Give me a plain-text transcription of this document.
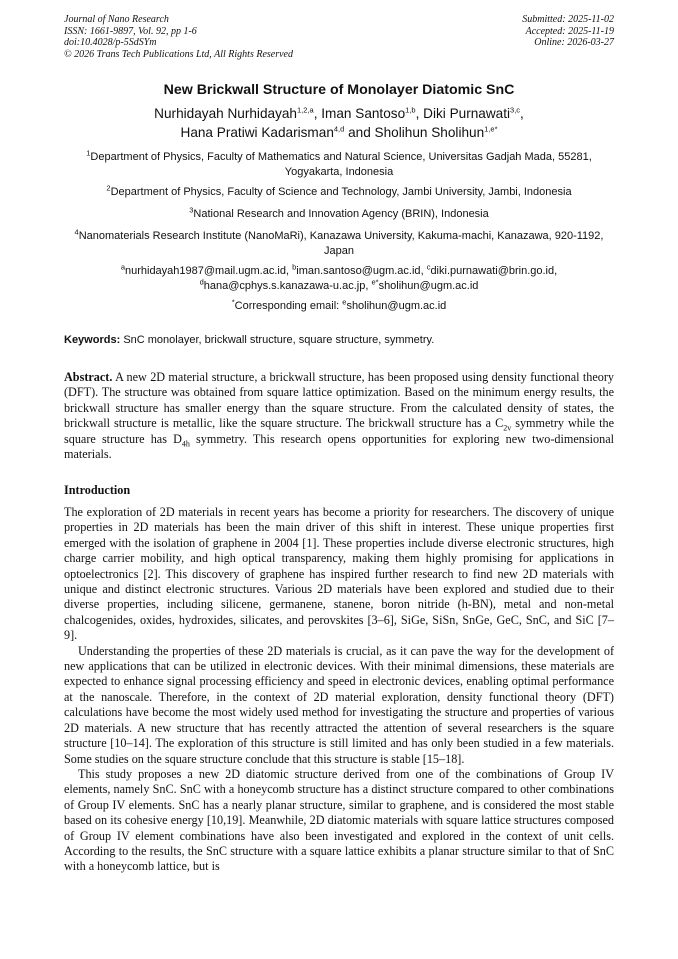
Journal of Nano Research
ISSN: 1661-9897, Vol. 92, pp 1-6
doi:10.4028/p-5SdSYm
© 2026 Trans Tech Publications Ltd, All Rights Reserved
Submitted: 2025-11-02
Accepted: 2025-11-19
Online: 2026-03-27
New Brickwall Structure of Monolayer Diatomic SnC
Nurhidayah Nurhidayah$^{1,2,a}$, Iman Santoso$^{1,b}$, Diki Purnawati$^{3,c}$,
Hana Pratiwi Kadarisman$^{4,d}$ and Sholihun Sholihun$^{1,e*}$
$^1$Department of Physics, Faculty of Mathematics and Natural Science, Universitas Gadjah Mada, 55281, Yogyakarta, Indonesia
$^2$Department of Physics, Faculty of Science and Technology, Jambi University, Jambi, Indonesia
$^3$National Research and Innovation Agency (BRIN), Indonesia
$^4$Nanomaterials Research Institute (NanoMaRi), Kanazawa University, Kakuma-machi, Kanazawa, 920-1192, Japan
$^a$nurhidayah1987@mail.ugm.ac.id, $^b$iman.santoso@ugm.ac.id, $^c$diki.purnawati@brin.go.id,
$^d$hana@cphys.s.kanazawa-u.ac.jp, $^{e*}$sholihun@ugm.ac.id
*Corresponding email: $^e$sholihun@ugm.ac.id
Keywords: SnC monolayer, brickwall structure, square structure, symmetry.

Abstract. A new 2D material structure, a brickwall structure, has been proposed using density functional theory (DFT). The structure was obtained from square lattice optimization. Based on the minimum energy results, the brickwall structure has smaller energy than the square structure. From the calculated density of states, the brickwall structure is metallic, like the square structure. The brickwall structure has a $C_{2v}$ symmetry while the square structure has $D_{4h}$ symmetry. This research opens opportunities for exploring new two-dimensional materials.

Introduction

The exploration of 2D materials in recent years has become a priority for researchers. The discovery of unique properties in 2D materials has been the main driver of this shift in interest. These unique properties first emerged with the isolation of graphene in 2004 [1]. These properties include diverse electronic structures, high charge carrier mobility, and high optical transparency, making them highly promising for applications in optoelectronics [2]. This discovery of graphene has inspired further research to find new 2D materials with unique and distinct electronic structures. Various 2D materials have been explored and studied due to their diverse properties, including silicene, germanene, stanene, boron nitride (h-BN), metal and non-metal chalcogenides, oxides, hydroxides, silicates, and perovskites [3–6], SiGe, SiSn, SnGe, GeC, SnC, and SiC [7–9].

Understanding the properties of these 2D materials is crucial, as it can pave the way for the development of new applications that can be utilized in electronic devices. With their minimal dimensions, these materials are expected to enhance signal processing efficiency and speed in electronic devices, enabling optimal performance at the nanoscale. Therefore, in the context of 2D material exploration, density functional theory (DFT) calculations have become the most widely used method for investigating the structure and properties of various 2D materials. A new structure that has recently attracted the attention of several researchers is the square structure [10–14]. The exploration of this structure is still limited and has only been studied in a few materials. Some studies on the square structure conclude that this structure is stable [15–18].

This study proposes a new 2D diatomic structure derived from one of the combinations of Group IV elements, namely SnC. SnC with a honeycomb structure has a distinct structure compared to other combinations of Group IV elements. SnC has a nearly planar structure, similar to graphene, and is considered the most stable based on its cohesive energy [10,19]. Meanwhile, 2D diatomic materials with square lattice structures composed of Group IV element combinations have also been investigated and explored in the context of unit cells. According to the results, the SnC structure with a square lattice exhibits a planar structure similar to that of SnC with a honeycomb lattice, but is
